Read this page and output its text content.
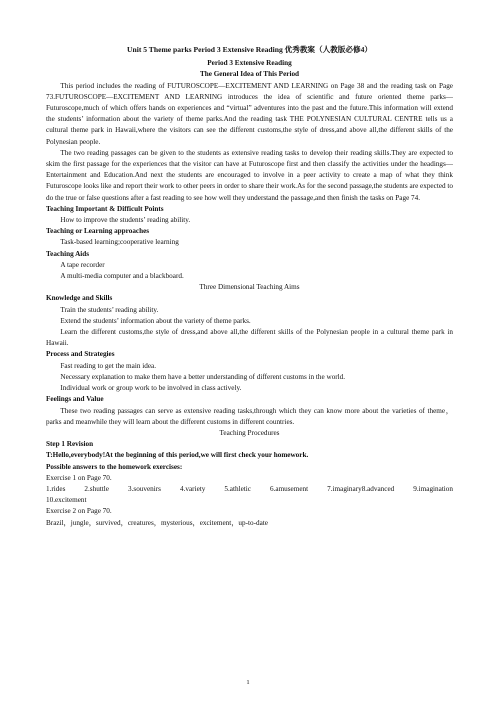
Unit 5 Theme parks Period 3 Extensive Reading 优秀教案（人教版必修4）
Period 3 Extensive Reading
The General Idea of This Period
This period includes the reading of FUTUROSCOPE—EXCITEMENT AND LEARNING on Page 38 and the reading task on Page 73.FUTUROSCOPE—EXCITEMENT AND LEARNING introduces the idea of scientific and future oriented theme parks—Futuroscope,much of which offers hands on experiences and “virtual” adventures into the past and the future.This information will extend the students’ information about the variety of theme parks.And the reading task THE POLYNESIAN CULTURAL CENTRE tells us a cultural theme park in Hawaii,where the visitors can see the different customs,the style of dress,and above all,the different skills of the Polynesian people.
The two reading passages can be given to the students as extensive reading tasks to develop their reading skills.They are expected to skim the first passage for the experiences that the visitor can have at Futuroscope first and then classify the activities under the headings—Entertainment and Education.And next the students are encouraged to involve in a peer activity to create a map of what they think Futuroscope looks like and report their work to other peers in order to share their work.As for the second passage,the students are expected to do the true or false questions after a fast reading to see how well they understand the passage,and then finish the tasks on Page 74.
Teaching Important & Difficult Points
How to improve the students’ reading ability.
Teaching or Learning approaches
Task-based learning;cooperative learning
Teaching Aids
A tape recorder
A multi-media computer and a blackboard.
Three Dimensional Teaching Aims
Knowledge and Skills
Train the students’ reading ability.
Extend the students’ information about the variety of theme parks.
Learn the different customs,the style of dress,and above all,the different skills of the Polynesian people in a cultural theme park in Hawaii.
Process and Strategies
Fast reading to get the main idea.
Necessary explanation to make them have a better understanding of different customs in the world.
Individual work or group work to be involved in class actively.
Feelings and Value
These two reading passages can serve as extensive reading tasks,through which they can know more about the varieties of theme，parks and meanwhile they will learn about the different customs in different countries.
Teaching Procedures
Step 1 Revision
T:Hello,everybody!At the beginning of this period,we will first check your homework.
Possible answers to the homework exercises:
Exercise 1 on Page 70.
1.rides 2.shuttle 3.souvenirs 4.variety 5.athletic 6.amusement 7.imaginary8.advanced 9.imagination
10.excitement
Exercise 2 on Page 70.
Brazil，jungle，survived，creatures，mysterious，excitement，up-to-date
1
